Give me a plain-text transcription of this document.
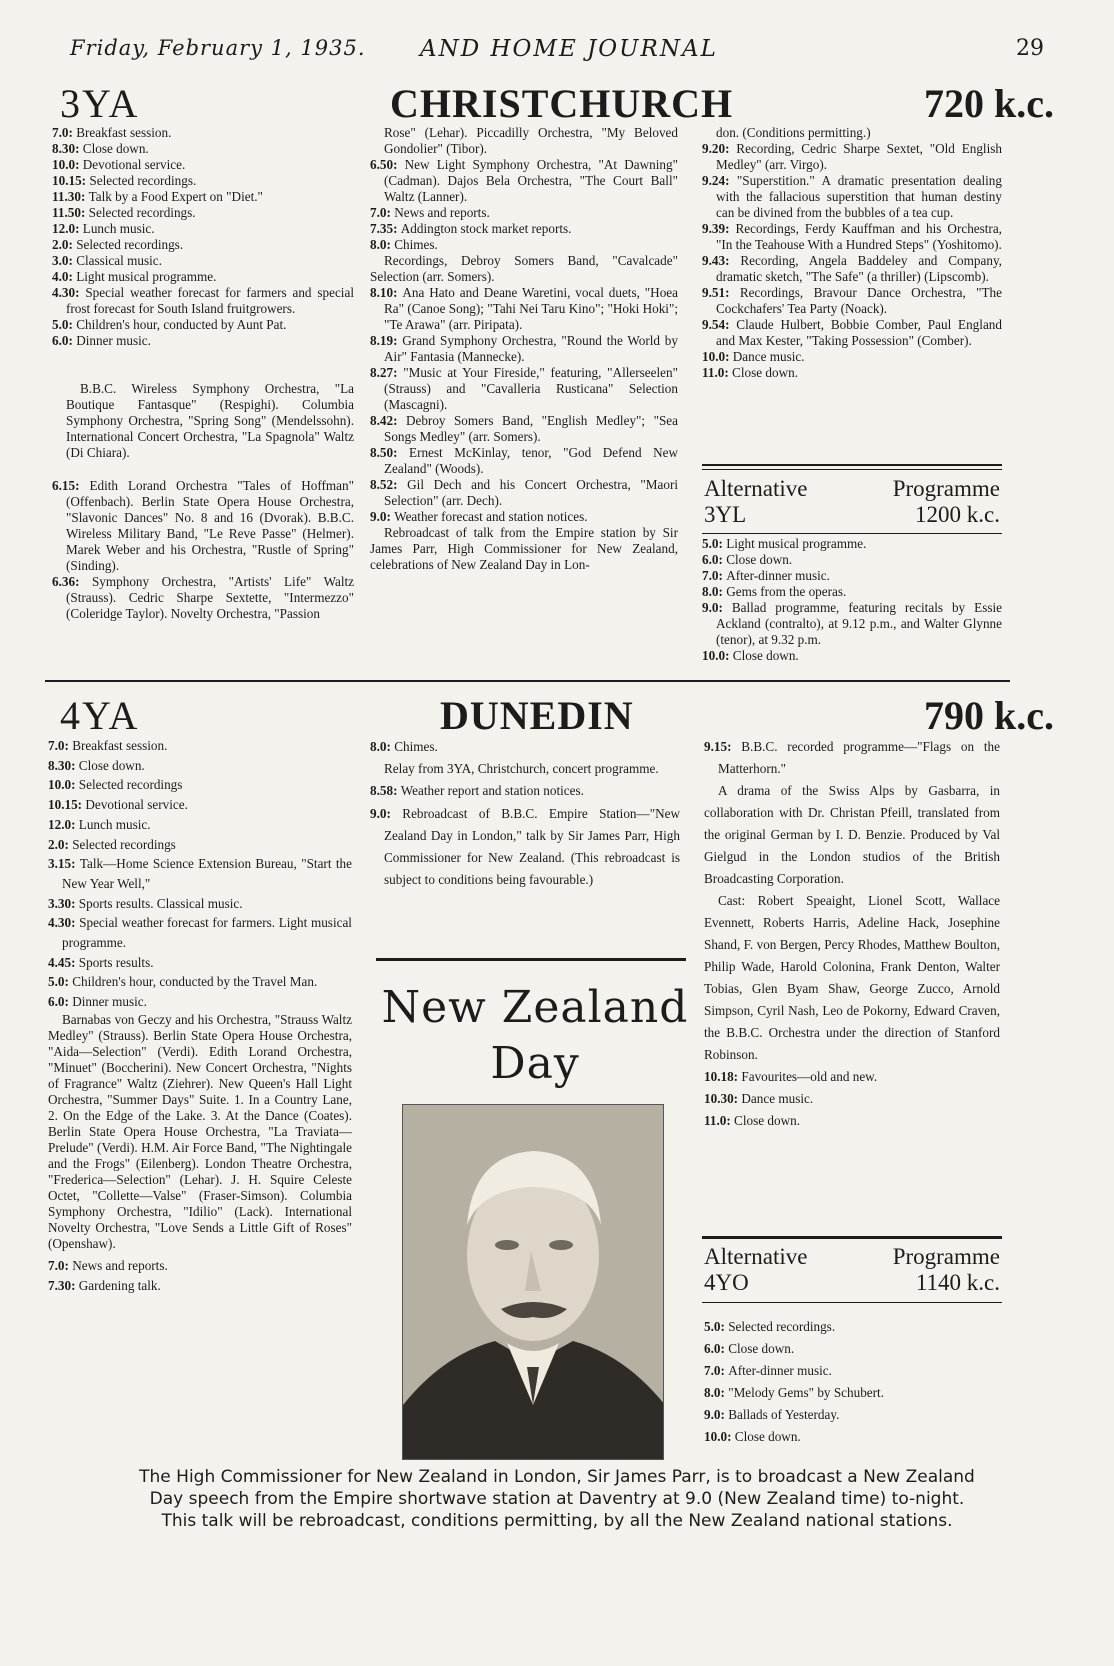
Friday, February 1, 1935. AND HOME JOURNAL	29
3YA	CHRISTCHURCH	720 k.c.

7.0: Breakfast session.

8.30: Close down.

10.0: Devotional service.

10.15: Selected recordings.

11.30: Talk by a Food Expert on "Diet."

11.50: Selected recordings.

12.0: Lunch music.

2.0: Selected recordings.

3.0: Classical music.

4.0: Light musical programme.

4.30: Special weather forecast for farmers and special frost forecast for South Island fruitgrowers.

5.0: Children's hour, conducted by Aunt Pat.

6.0: Dinner music.

B.B.C. Wireless Symphony Orchestra, "La Boutique Fantasque" (Respighi). Columbia Symphony Orchestra, "Spring Song" (Mendelssohn). International Concert Orchestra, "La Spagnola" Waltz (Di Chiara).

6.15: Edith Lorand Orchestra "Tales of Hoffman" (Offenbach). Berlin State Opera House Orchestra, "Slavonic Dances" No. 8 and 16 (Dvorak). B.B.C. Wireless Military Band, "Le Reve Passe" (Helmer). Marek Weber and his Orchestra, "Rustle of Spring" (Sinding).

6.36: Symphony Orchestra, "Artists' Life" Waltz (Strauss). Cedric Sharpe Sextette, "Intermezzo" (Coleridge Taylor). Novelty Orchestra, "Passion

Rose" (Lehar). Piccadilly Orchestra, "My Beloved Gondolier" (Tibor).

6.50: New Light Symphony Orchestra, "At Dawning" (Cadman). Dajos Bela Orchestra, "The Court Ball" Waltz (Lanner).

7.0: News and reports.

7.35: Addington stock market reports.

8.0: Chimes.

Recordings, Debroy Somers Band, "Cavalcade" Selection (arr. Somers).

8.10: Ana Hato and Deane Waretini, vocal duets, "Hoea Ra" (Canoe Song); "Tahi Nei Taru Kino"; "Hoki Hoki"; "Te Arawa" (arr. Piripata).

8.19: Grand Symphony Orchestra, "Round the World by Air" Fantasia (Mannecke).

8.27: "Music at Your Fireside," featuring, "Allerseelen" (Strauss) and "Cavalleria Rusticana" Selection (Mascagni).

8.42: Debroy Somers Band, "English Medley"; "Sea Songs Medley" (arr. Somers).

8.50: Ernest McKinlay, tenor, "God Defend New Zealand" (Woods).

8.52: Gil Dech and his Concert Orchestra, "Maori Selection" (arr. Dech).

9.0: Weather forecast and station notices.

Rebroadcast of talk from the Empire station by Sir James Parr, High Commissioner for New Zealand, celebrations of New Zealand Day in Lon-

don. (Conditions permitting.)

9.20: Recording, Cedric Sharpe Sextet, "Old English Medley" (arr. Virgo).

9.24: "Superstition." A dramatic presentation dealing with the fallacious superstition that human destiny can be divined from the bubbles of a tea cup.

9.39: Recordings, Ferdy Kauffman and his Orchestra, "In the Teahouse With a Hundred Steps" (Yoshitomo).

9.43: Recording, Angela Baddeley and Company, dramatic sketch, "The Safe" (a thriller) (Lipscomb).

9.51: Recordings, Bravour Dance Orchestra, "The Cockchafers' Tea Party (Noack).

9.54: Claude Hulbert, Bobbie Comber, Paul England and Max Kester, "Taking Possession" (Comber).

10.0: Dance music.

11.0: Close down.

Alternative	Programme
3YL	1200 k.c.

5.0: Light musical programme.

6.0: Close down.

7.0: After-dinner music.

8.0: Gems from the operas.

9.0: Ballad programme, featuring recitals by Essie Ackland (contralto), at 9.12 p.m., and Walter Glynne (tenor), at 9.32 p.m.

10.0: Close down.

4YA	DUNEDIN	790 k.c.

7.0: Breakfast session.

8.30: Close down.

10.0: Selected recordings

10.15: Devotional service.

12.0: Lunch music.

2.0: Selected recordings

3.15: Talk—Home Science Extension Bureau, "Start the New Year Well,"

3.30: Sports results. Classical music.

4.30: Special weather forecast for farmers. Light musical programme.

4.45: Sports results.

5.0: Children's hour, conducted by the Travel Man.

6.0: Dinner music.

Barnabas von Geczy and his Orchestra, "Strauss Waltz Medley" (Strauss). Berlin State Opera House Orchestra, "Aida—Selection" (Verdi). Edith Lorand Orchestra, "Minuet" (Boccherini). New Concert Orchestra, "Nights of Fragrance" Waltz (Ziehrer). New Queen's Hall Light Orchestra, "Summer Days" Suite. 1. In a Country Lane, 2. On the Edge of the Lake. 3. At the Dance (Coates). Berlin State Opera House Orchestra, "La Traviata—Prelude" (Verdi). H.M. Air Force Band, "The Nightingale and the Frogs" (Eilenberg). London Theatre Orchestra, "Frederica—Selection" (Lehar). J. H. Squire Celeste Octet, "Collette—Valse" (Fraser-Simson). Columbia Symphony Orchestra, "Idilio" (Lack). International Novelty Orchestra, "Love Sends a Little Gift of Roses" (Openshaw).

7.0: News and reports.

7.30: Gardening talk.

8.0: Chimes.

Relay from 3YA, Christchurch, concert programme.

8.58: Weather report and station notices.

9.0: Rebroadcast of B.B.C. Empire Station—"New Zealand Day in London," talk by Sir James Parr, High Commissioner for New Zealand. (This rebroadcast is subject to conditions being favourable.)

New Zealand
Day

9.15: B.B.C. recorded programme—"Flags on the Matterhorn."

A drama of the Swiss Alps by Gasbarra, in collaboration with Dr. Christan Pfeill, translated from the original German by I. D. Benzie. Produced by Val Gielgud in the London studios of the British Broadcasting Corporation.

Cast: Robert Speaight, Lionel Scott, Wallace Evennett, Roberts Harris, Adeline Hack, Josephine Shand, F. von Bergen, Percy Rhodes, Matthew Boulton, Philip Wade, Harold Colonina, Frank Denton, Walter Tobias, Glen Byam Shaw, George Zucco, Arnold Simpson, Cyril Nash, Leo de Pokorny, Edward Craven, the B.B.C. Orchestra under the direction of Stanford Robinson.

10.18: Favourites—old and new.

10.30: Dance music.

11.0: Close down.

Alternative	Programme
4YO	1140 k.c.

5.0: Selected recordings.

6.0: Close down.

7.0: After-dinner music.

8.0: "Melody Gems" by Schubert.

9.0: Ballads of Yesterday.

10.0: Close down.

The High Commissioner for New Zealand in London, Sir James Parr, is to broadcast a New Zealand
Day speech from the Empire shortwave station at Daventry at 9.0 (New Zealand time) to-night.
This talk will be rebroadcast, conditions permitting, by all the New Zealand national stations.
